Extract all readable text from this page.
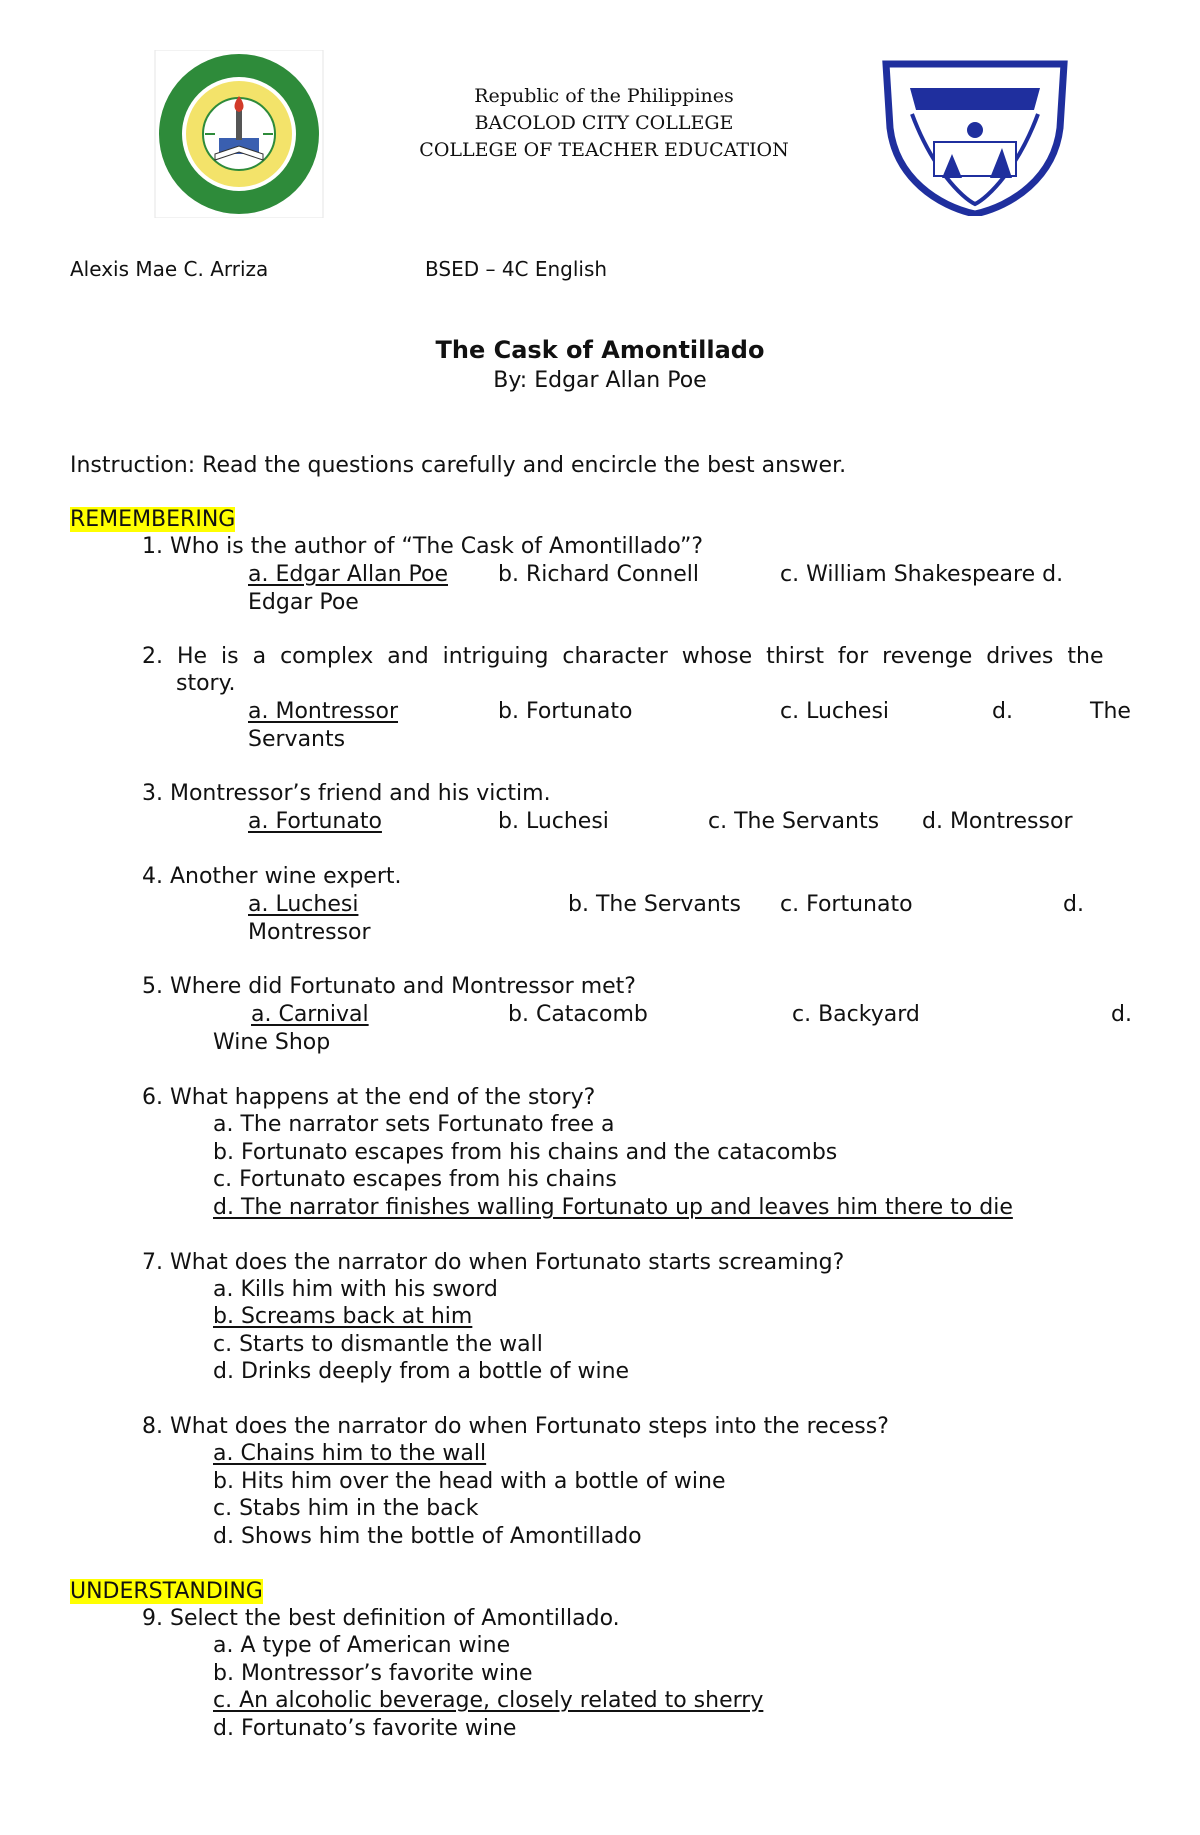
Republic of the Philippines
BACOLOD CITY COLLEGE
COLLEGE OF TEACHER EDUCATION
Alexis Mae C. Arriza	BSED – 4C English
The Cask of Amontillado
By: Edgar Allan Poe
Instruction: Read the questions carefully and encircle the best answer.
REMEMBERING
1. Who is the author of “The Cask of Amontillado”?
a. Edgar Allan Poe b. Richard Connell	c. William Shakespeare d.
Edgar Poe
2.  He  is  a  complex  and  intriguing  character  whose  thirst  for  revenge  drives  the
story.
a. Montressor	b. Fortunato	c. Luchesi	d.	The
Servants
3. Montressor’s friend and his victim.
a. Fortunato	b. Luchesi	c. The Servants d. Montressor
4. Another wine expert.
a. Luchesi	b. The Servants c. Fortunato	d.
Montressor
5. Where did Fortunato and Montressor met?
a. Carnival	b. Catacomb	c. Backyard	d.
Wine Shop
6. What happens at the end of the story?
a. The narrator sets Fortunato free a
b. Fortunato escapes from his chains and the catacombs
c. Fortunato escapes from his chains
d. The narrator finishes walling Fortunato up and leaves him there to die
7. What does the narrator do when Fortunato starts screaming?
a. Kills him with his sword
b. Screams back at him
c. Starts to dismantle the wall
d. Drinks deeply from a bottle of wine
8. What does the narrator do when Fortunato steps into the recess?
a. Chains him to the wall
b. Hits him over the head with a bottle of wine
c. Stabs him in the back
d. Shows him the bottle of Amontillado
UNDERSTANDING
9. Select the best definition of Amontillado.
a. A type of American wine
b. Montressor’s favorite wine
c. An alcoholic beverage, closely related to sherry
d. Fortunato’s favorite wine
